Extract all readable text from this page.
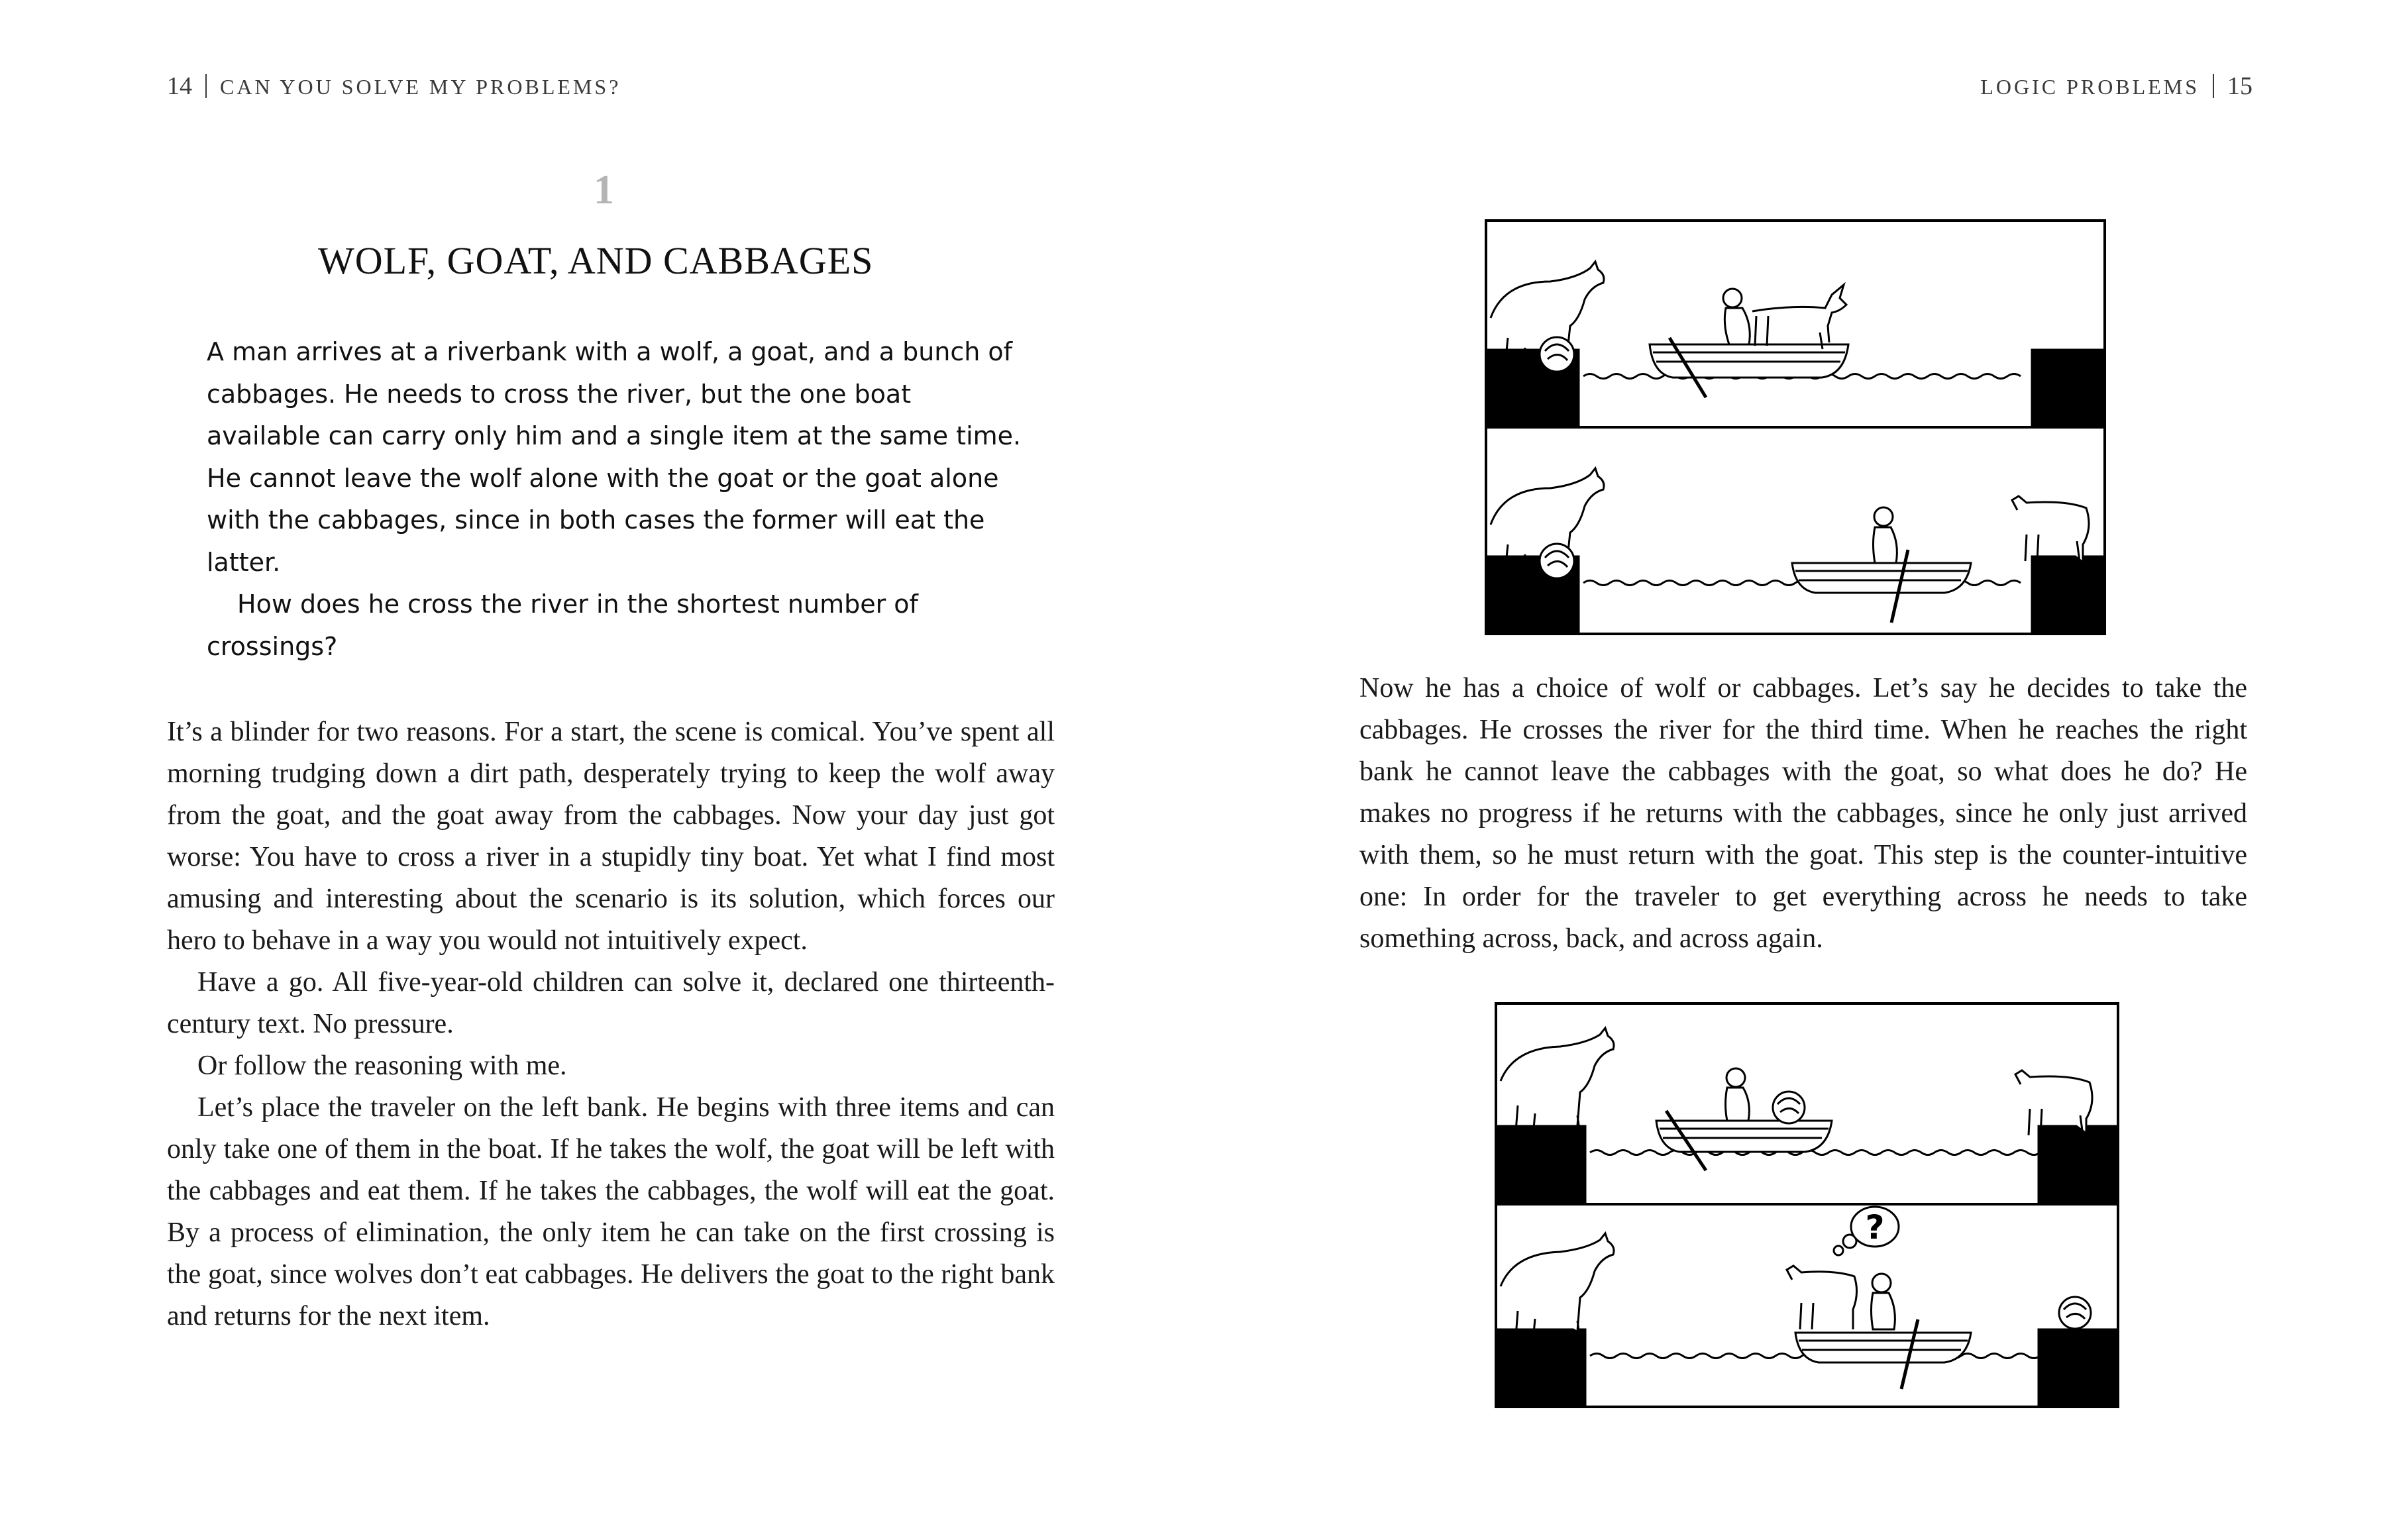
14 CAN YOU SOLVE MY PROBLEMS?	LOGIC PROBLEMS 15
1
WOLF, GOAT, AND CABBAGES

A man arrives at a riverbank with a wolf, a goat, and a bunch of cabbages. He needs to cross the river, but the one boat available can carry only him and a single item at the same time. He cannot leave the wolf alone with the goat or the goat alone with the cabbages, since in both cases the former will eat the latter.

How does he cross the river in the shortest number of crossings?

It’s a blinder for two reasons. For a start, the scene is comical. You’ve spent all morning trudging down a dirt path, desperately trying to keep the wolf away from the goat, and the goat away from the cabbages. Now your day just got worse: You have to cross a river in a stupidly tiny boat. Yet what I find most amusing and interesting about the scenario is its solution, which forces our hero to behave in a way you would not intuitively expect.

Have a go. All five-year-old children can solve it, declared one thirteenth-century text. No pressure.

Or follow the reasoning with me.

Let’s place the traveler on the left bank. He begins with three items and can only take one of them in the boat. If he takes the wolf, the goat will be left with the cabbages and eat them. If he takes the cabbages, the wolf will eat the goat. By a process of elimination, the only item he can take on the first crossing is the goat, since wolves don’t eat cabbages. He delivers the goat to the right bank and returns for the next item.

Now he has a choice of wolf or cabbages. Let’s say he decides to take the cabbages. He crosses the river for the third time. When he reaches the right bank he cannot leave the cabbages with the goat, so what does he do? He makes no progress if he returns with the cabbages, since he only just arrived with them, so he must return with the goat. This step is the counter-intuitive one: In order for the traveler to get everything across he needs to take something across, back, and across again.

?
